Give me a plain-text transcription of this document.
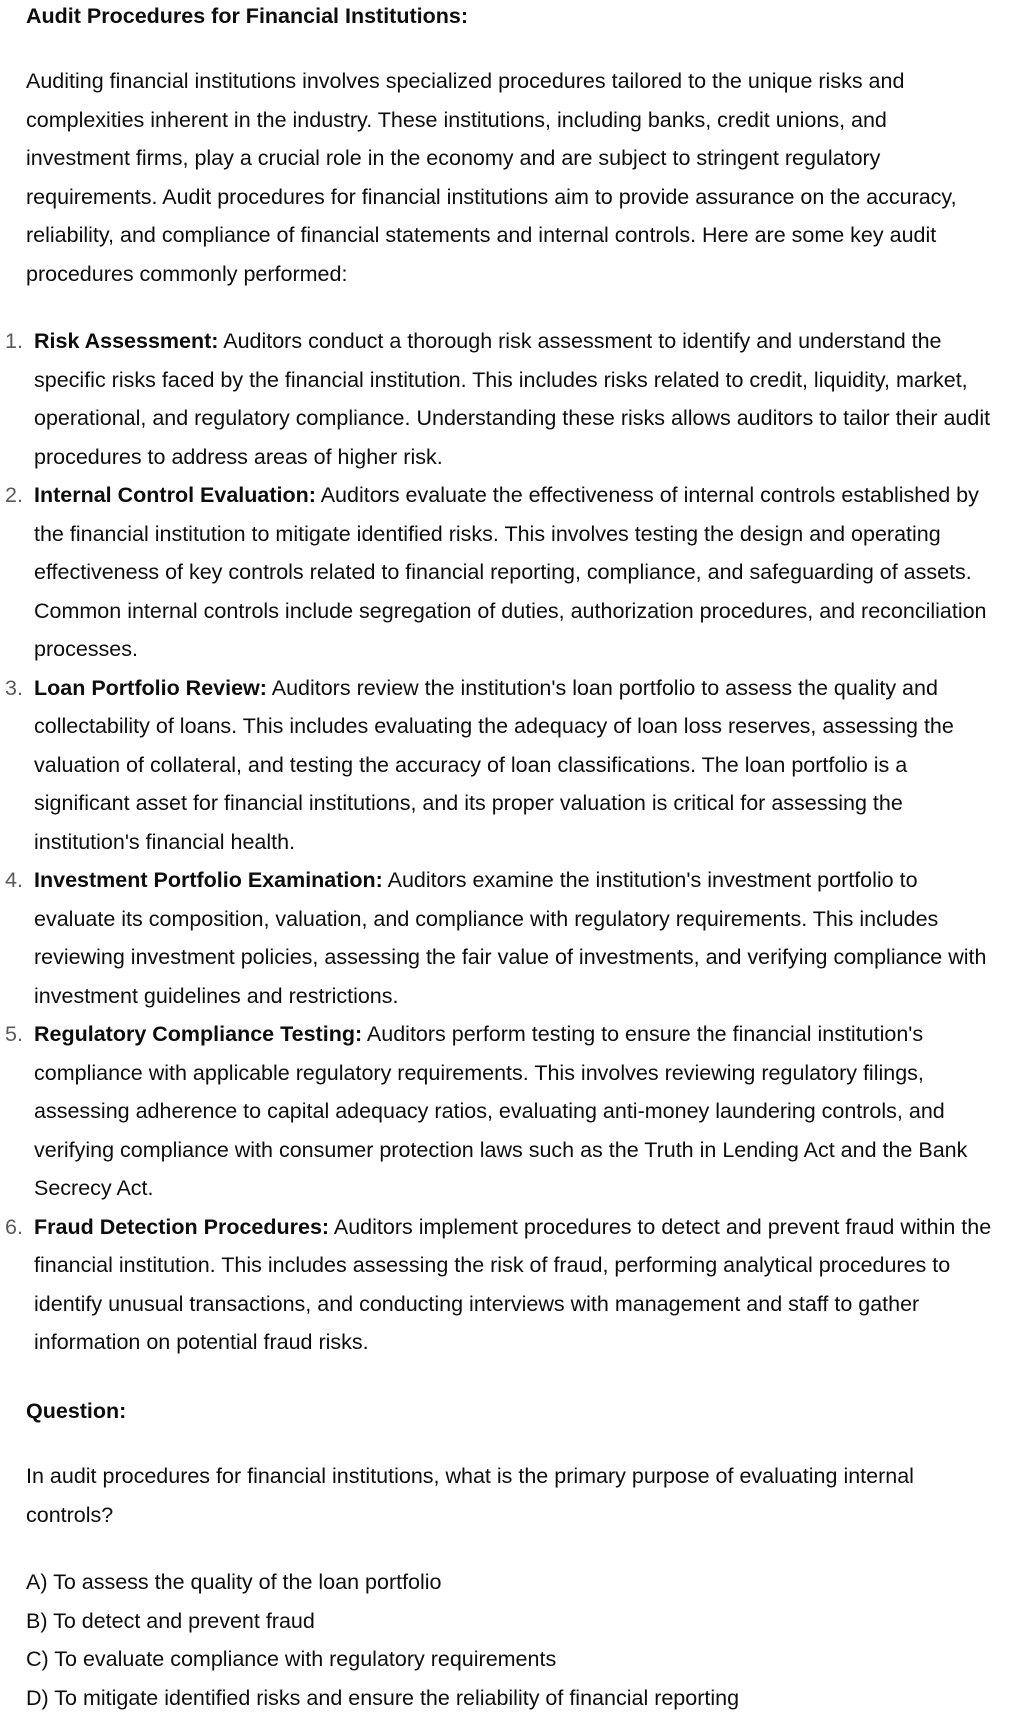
Audit Procedures for Financial Institutions:

Auditing financial institutions involves specialized procedures tailored to the unique risks and complexities inherent in the industry. These institutions, including banks, credit unions, and investment firms, play a crucial role in the economy and are subject to stringent regulatory requirements. Audit procedures for financial institutions aim to provide assurance on the accuracy, reliability, and compliance of financial statements and internal controls. Here are some key audit procedures commonly performed:

1. Risk Assessment: Auditors conduct a thorough risk assessment to identify and understand the specific risks faced by the financial institution. This includes risks related to credit, liquidity, market, operational, and regulatory compliance. Understanding these risks allows auditors to tailor their audit procedures to address areas of higher risk.
2. Internal Control Evaluation: Auditors evaluate the effectiveness of internal controls established by the financial institution to mitigate identified risks. This involves testing the design and operating effectiveness of key controls related to financial reporting, compliance, and safeguarding of assets. Common internal controls include segregation of duties, authorization procedures, and reconciliation processes.
3. Loan Portfolio Review: Auditors review the institution's loan portfolio to assess the quality and collectability of loans. This includes evaluating the adequacy of loan loss reserves, assessing the valuation of collateral, and testing the accuracy of loan classifications. The loan portfolio is a significant asset for financial institutions, and its proper valuation is critical for assessing the institution's financial health.
4. Investment Portfolio Examination: Auditors examine the institution's investment portfolio to evaluate its composition, valuation, and compliance with regulatory requirements. This includes reviewing investment policies, assessing the fair value of investments, and verifying compliance with investment guidelines and restrictions.
5. Regulatory Compliance Testing: Auditors perform testing to ensure the financial institution's compliance with applicable regulatory requirements. This involves reviewing regulatory filings, assessing adherence to capital adequacy ratios, evaluating anti-money laundering controls, and verifying compliance with consumer protection laws such as the Truth in Lending Act and the Bank Secrecy Act.
6. Fraud Detection Procedures: Auditors implement procedures to detect and prevent fraud within the financial institution. This includes assessing the risk of fraud, performing analytical procedures to identify unusual transactions, and conducting interviews with management and staff to gather information on potential fraud risks.

Question:

In audit procedures for financial institutions, what is the primary purpose of evaluating internal controls?

A) To assess the quality of the loan portfolio
B) To detect and prevent fraud
C) To evaluate compliance with regulatory requirements
D) To mitigate identified risks and ensure the reliability of financial reporting
